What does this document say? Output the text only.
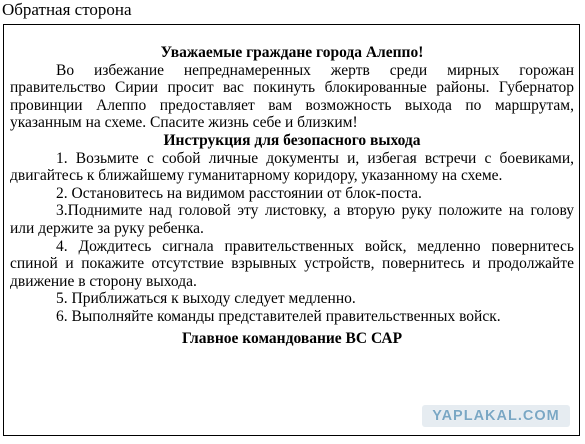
Обратная сторона

Уважаемые граждане города Алеппо!

Во избежание непреднамеренных жертв среди мирных горожан правительство Сирии просит вас покинуть блокированные районы. Губернатор провинции Алеппо предоставляет вам возможность выхода по маршрутам, указанным на схеме. Спасите жизнь себе и близким!

Инструкция для безопасного выхода

1. Возьмите с собой личные документы и, избегая встречи с боевиками, двигайтесь к ближайшему гуманитарному коридору, указанному на схеме.

2. Остановитесь на видимом расстоянии от блок-поста.

3.Поднимите над головой эту листовку, а вторую руку положите на голову или держите за руку ребенка.

4. Дождитесь сигнала правительственных войск, медленно повернитесь спиной и покажите отсутствие взрывных устройств, повернитесь и продолжайте движение в сторону выхода.

5. Приближаться к выходу следует медленно.

6. Выполняйте команды представителей правительственных войск.

Главное командование ВС САР

YAPLAKAL.COM
